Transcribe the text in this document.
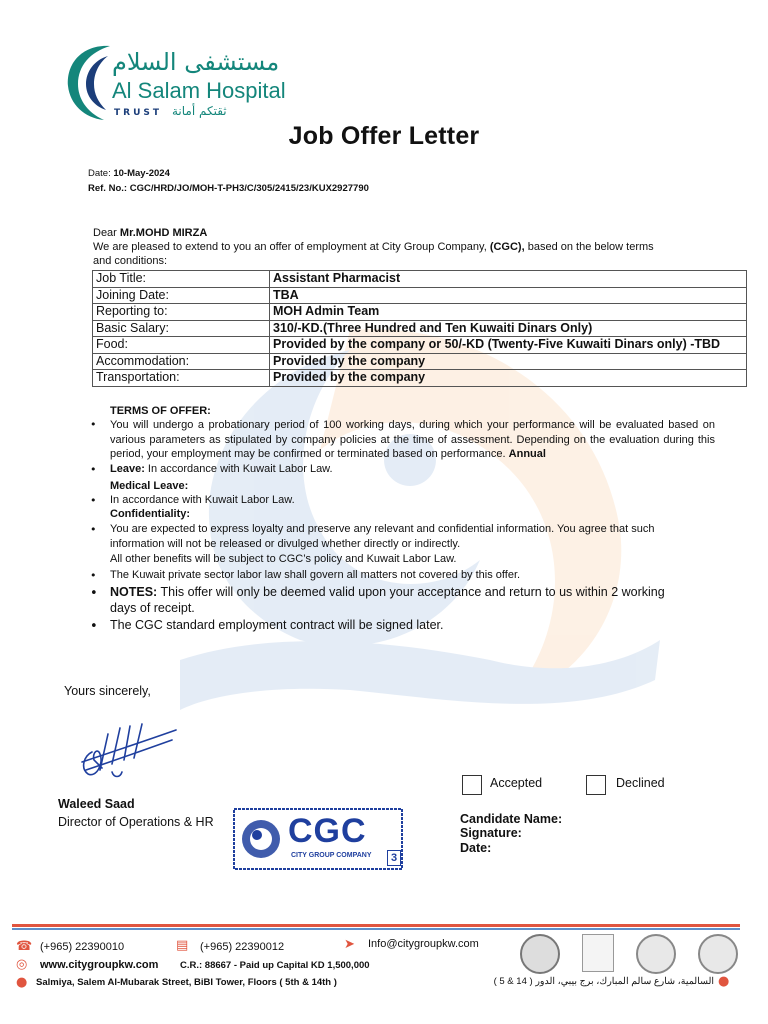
مستشفى السلام
Al Salam Hospital
TRUST ثقتكم أمانة
Job Offer Letter
Date: 10-May-2024
Ref. No.: CGC/HRD/JO/MOH-T-PH3/C/305/2415/23/KUX2927790
Dear Mr.MOHD MIRZA
We are pleased to extend to you an offer of employment at City Group Company, (CGC), based on the below terms
and conditions:
Job Title:	Assistant Pharmacist
Joining Date:	TBA
Reporting to:	MOH Admin Team
Basic Salary:	310/-KD.(Three Hundred and Ten Kuwaiti Dinars Only)
Food:	Provided by the company or 50/-KD (Twenty-Five Kuwaiti Dinars only) -TBD
Accommodation:	Provided by the company
Transportation:	Provided by the company
TERMS OF OFFER:
• You will undergo a probationary period of 100 working days, during which your performance will be evaluated based on various parameters as stipulated by company policies at the time of assessment. Depending on the evaluation during this period, your employment may be confirmed or terminated based on performance. Annual
• Leave: In accordance with Kuwait Labor Law.
Medical Leave:
• In accordance with Kuwait Labor Law.
Confidentiality:
• You are expected to express loyalty and preserve any relevant and confidential information. You agree that such
information will not be released or divulged whether directly or indirectly.
All other benefits will be subject to CGC’s policy and Kuwait Labor Law.
• The Kuwait private sector labor law shall govern all matters not covered by this offer.
• NOTES: This offer will only be deemed valid upon your acceptance and return to us within 2 working
days of receipt.
• The CGC standard employment contract will be signed later.
Yours sincerely,
Waleed Saad
Director of Operations & HR CGC
CITY GROUP COMPANY	3
Accepted	Declined
Candidate Name:
Signature:
Date:
☎ (+965) 22390010	▤ (+965) 22390012	➤ Info@citygroupkw.com
◎ www.citygroupkw.com C.R.: 88667 - Paid up Capital KD 1,500,000
● Salmiya, Salem Al-Mubarak Street, BiBI Tower, Floors ( 5th & 14th )	السالمية، شارع سالم المبارك، برج بيبي، الدور ( 14 & 5 ) ●
